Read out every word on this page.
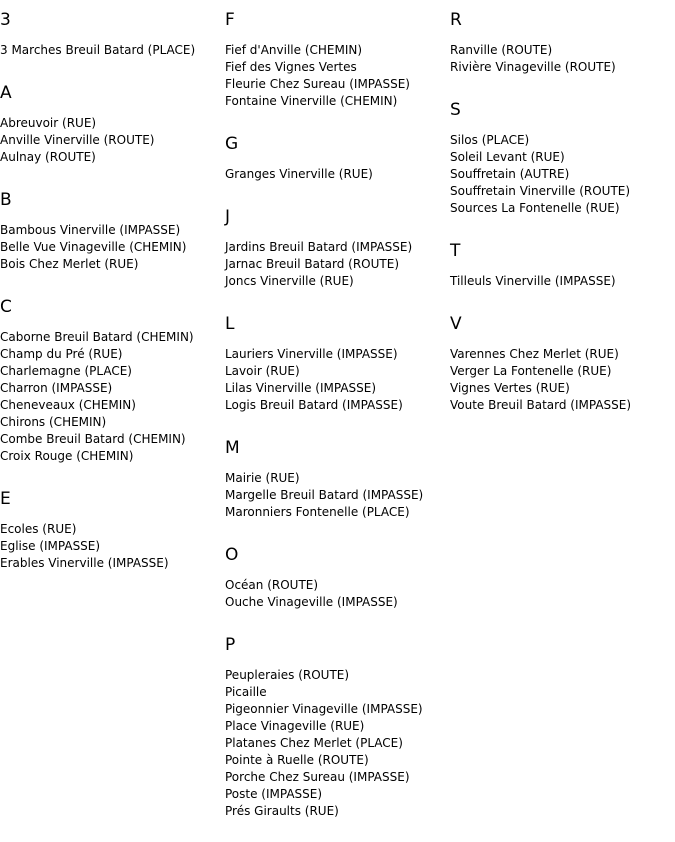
3
3 Marches Breuil Batard (PLACE)
A
Abreuvoir (RUE)
Anville Vinerville (ROUTE)
Aulnay (ROUTE)
B
Bambous Vinerville (IMPASSE)
Belle Vue Vinageville (CHEMIN)
Bois Chez Merlet (RUE)
C
Caborne Breuil Batard (CHEMIN)
Champ du Pré (RUE)
Charlemagne (PLACE)
Charron (IMPASSE)
Cheneveaux (CHEMIN)
Chirons (CHEMIN)
Combe Breuil Batard (CHEMIN)
Croix Rouge (CHEMIN)
E
Ecoles (RUE)
Eglise (IMPASSE)
Erables Vinerville (IMPASSE)
F
Fief d'Anville (CHEMIN)
Fief des Vignes Vertes
Fleurie Chez Sureau (IMPASSE)
Fontaine Vinerville (CHEMIN)
G
Granges Vinerville (RUE)
J
Jardins Breuil Batard (IMPASSE)
Jarnac Breuil Batard (ROUTE)
Joncs Vinerville (RUE)
L
Lauriers Vinerville (IMPASSE)
Lavoir (RUE)
Lilas Vinerville (IMPASSE)
Logis Breuil Batard (IMPASSE)
M
Mairie (RUE)
Margelle Breuil Batard (IMPASSE)
Maronniers Fontenelle (PLACE)
O
Océan (ROUTE)
Ouche Vinageville (IMPASSE)
P
Peupleraies (ROUTE)
Picaille
Pigeonnier Vinageville (IMPASSE)
Place Vinageville (RUE)
Platanes Chez Merlet (PLACE)
Pointe à Ruelle (ROUTE)
Porche Chez Sureau (IMPASSE)
Poste (IMPASSE)
Prés Giraults (RUE)
R
Ranville (ROUTE)
Rivière Vinageville (ROUTE)
S
Silos (PLACE)
Soleil Levant (RUE)
Souffretain (AUTRE)
Souffretain Vinerville (ROUTE)
Sources La Fontenelle (RUE)
T
Tilleuls Vinerville (IMPASSE)
V
Varennes Chez Merlet (RUE)
Verger La Fontenelle (RUE)
Vignes Vertes (RUE)
Voute Breuil Batard (IMPASSE)
